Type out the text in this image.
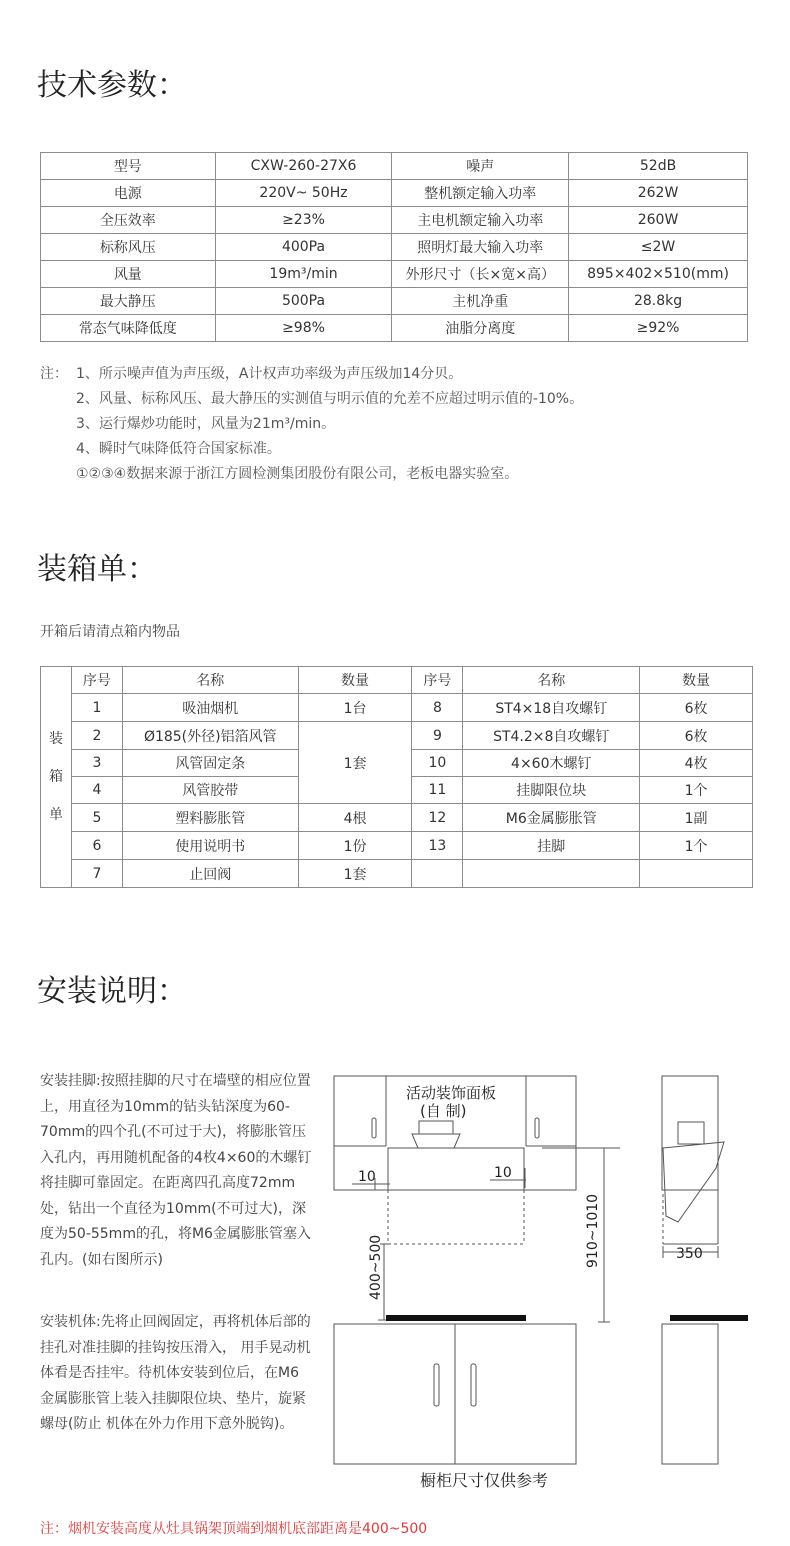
技术参数：
型号	CXW-260-27X6	噪声	52dB
电源	220V~ 50Hz	整机额定输入功率	262W
全压效率	≥23%	主电机额定输入功率	260W
标称风压	400Pa	照明灯最大输入功率	≤2W
风量	19m³/min	外形尺寸（长×宽×高）	895×402×510(mm)
最大静压	500Pa	主机净重	28.8kg
常态气味降低度	≥98%	油脂分离度	≥92%
注： 1、所示噪声值为声压级，A计权声功率级为声压级加14分贝。
2、风量、标称风压、最大静压的实测值与明示值的允差不应超过明示值的-10%。
3、运行爆炒功能时，风量为21m³/min。
4、瞬时气味降低符合国家标准。
①②③④数据来源于浙江方圆检测集团股份有限公司，老板电器实验室。
装箱单：
开箱后请清点箱内物品
装
箱
单	序号	名称	数量	序号	名称	数量
	1	吸油烟机	1台	8	ST4×18自攻螺钉	6枚
	2	Ø185(外径)铝箔风管	1套	9	ST4.2×8自攻螺钉	6枚
	3	风管固定条		10	4×60木螺钉	4枚
	4	风管胶带		11	挂脚限位块	1个
	5	塑料膨胀管	4根	12	M6金属膨胀管	1副
	6	使用说明书	1份	13	挂脚	1个
	7	止回阀	1套			
安装说明：
安装挂脚:按照挂脚的尺寸在墙壁的相应位置上，用直径为10mm的钻头钻深度为60-70mm的四个孔(不可过于大)，将膨胀管压入孔内，再用随机配备的4枚4×60的木螺钉将挂脚可靠固定。在距离四孔高度72mm 处，钻出一个直径为10mm(不可过大)，深度为50-55mm的孔，将M6金属膨胀管塞入孔内。(如右图所示)
安装机体:先将止回阀固定，再将机体后部的挂孔对准挂脚的挂钩按压滑入， 用手晃动机体看是否挂牢。待机体安装到位后，在M6金属膨胀管上装入挂脚限位块、垫片，旋紧螺母(防止 机体在外力作用下意外脱钩)。
活动装饰面板
(自 制)
10	10
910~1010
400~500	350
橱柜尺寸仅供参考
注：烟机安装高度从灶具锅架顶端到烟机底部距离是400~500
